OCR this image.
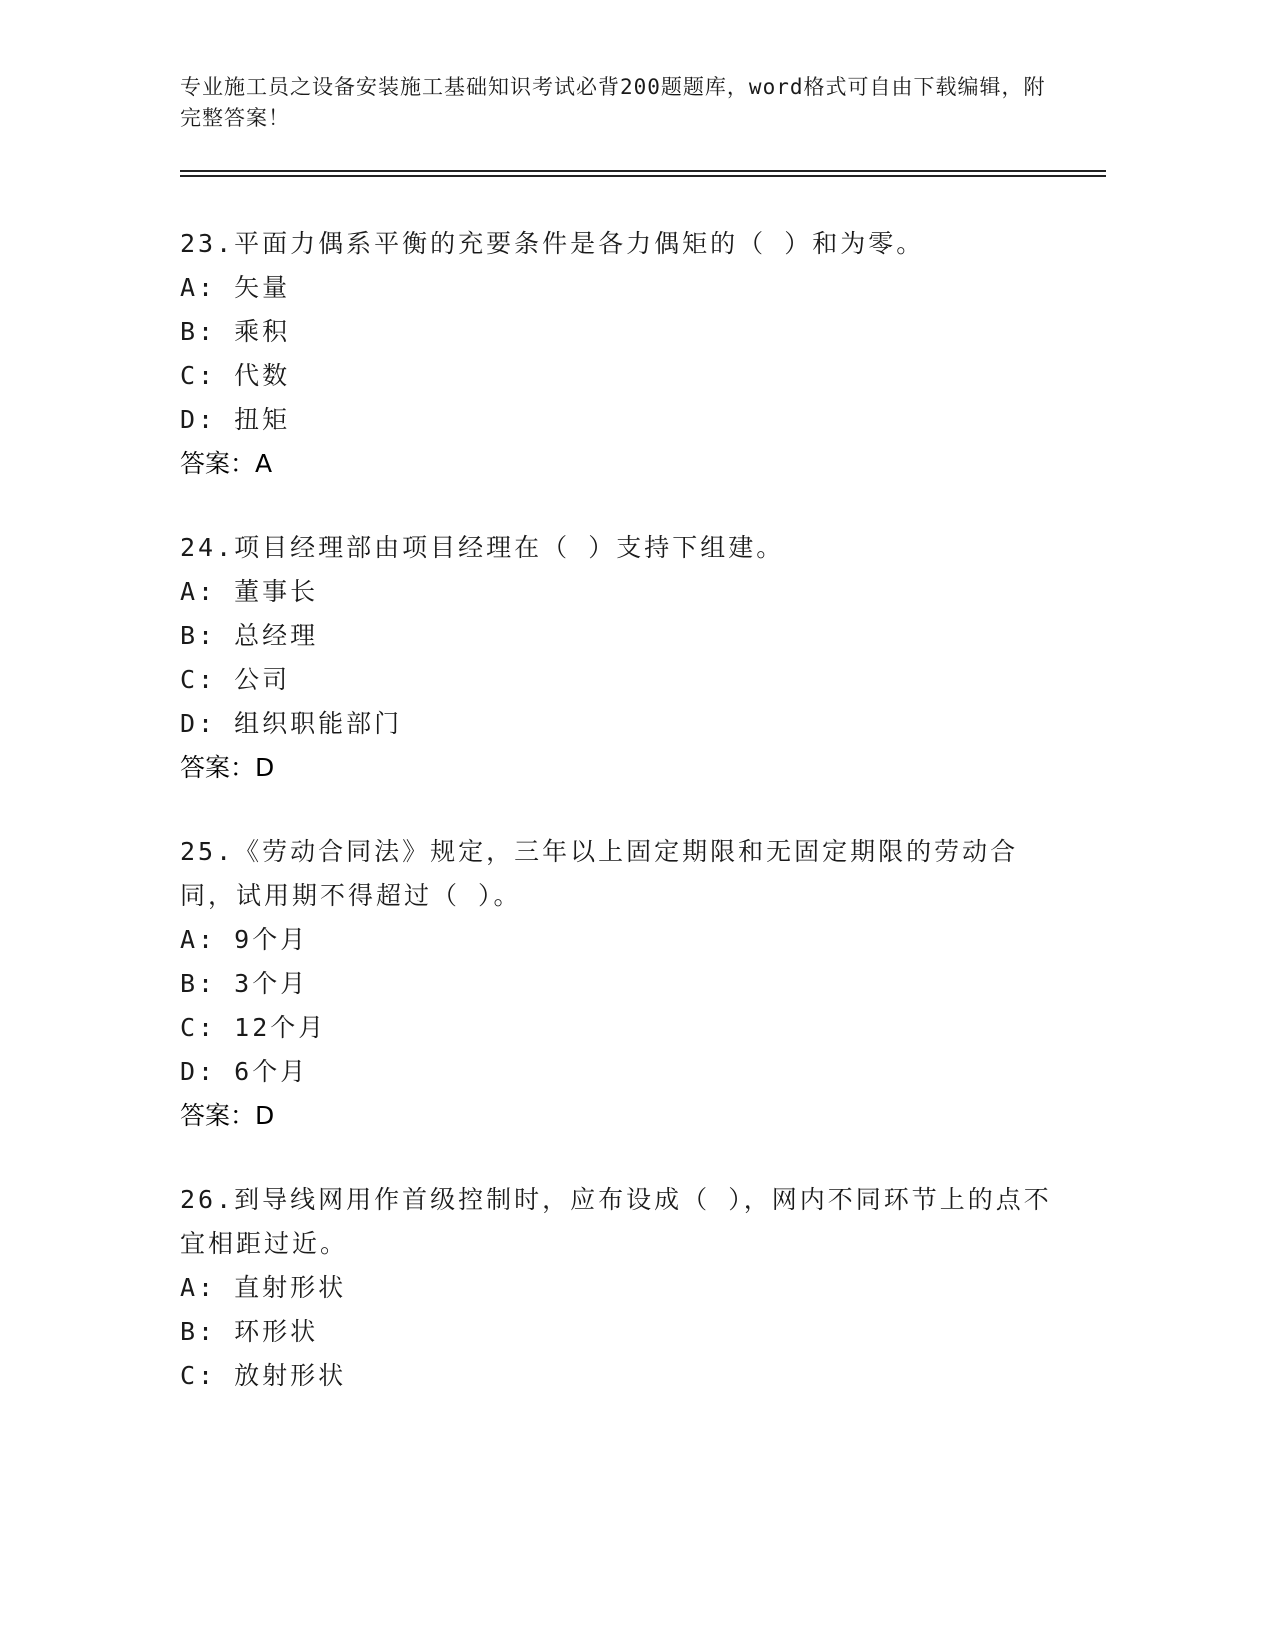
专业施工员之设备安装施工基础知识考试必背200题题库，word格式可自由下载编辑，附完整答案！

23.平面力偶系平衡的充要条件是各力偶矩的（ ）和为零。

A: 矢量

B: 乘积

C: 代数

D: 扭矩

答案：A

24.项目经理部由项目经理在（ ）支持下组建。

A: 董事长

B: 总经理

C: 公司

D: 组织职能部门

答案：D

25.《劳动合同法》规定，三年以上固定期限和无固定期限的劳动合同，试用期不得超过（ ）。

A: 9个月

B: 3个月

C: 12个月

D: 6个月

答案：D

26.到导线网用作首级控制时，应布设成（ ），网内不同环节上的点不宜相距过近。

A: 直射形状

B: 环形状

C: 放射形状
